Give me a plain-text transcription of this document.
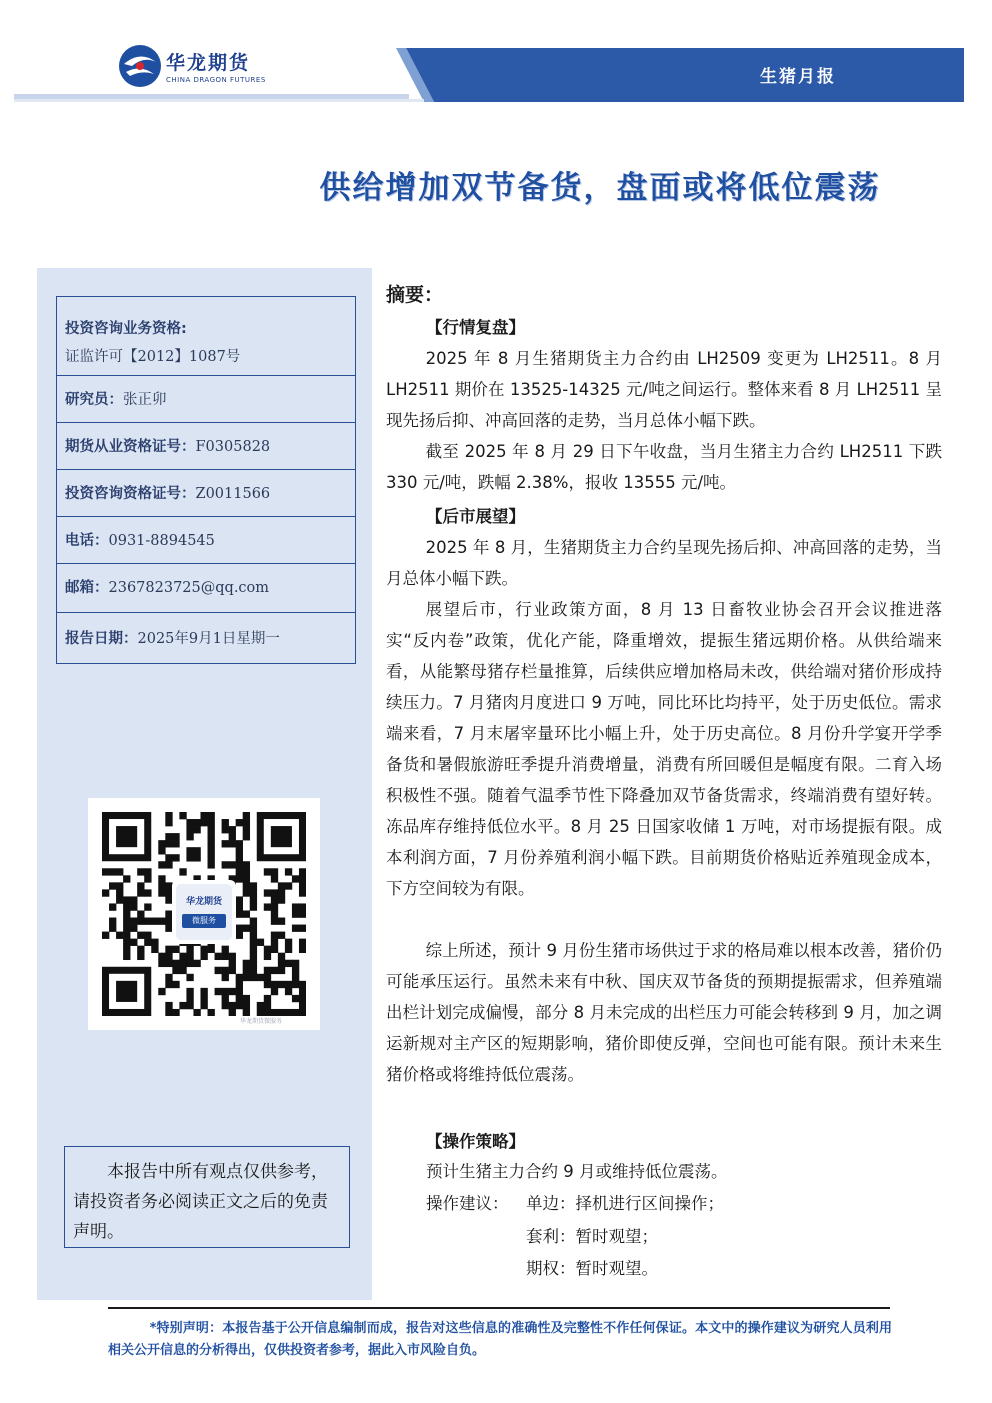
生猪月报
华龙期货
CHINA DRAGON FUTURES
供给增加双节备货，盘面或将低位震荡
投资咨询业务资格:
证监许可【2012】1087号
研究员：张正卯
期货从业资格证号：F0305828
投资咨询资格证号：Z0011566
电话：0931-8894545
邮箱：2367823725@qq.com
报告日期：2025年9月1日星期一
华龙期货
微服务
华龙期货微服务
本报告中所有观点仅供参考，请投资者务必阅读正文之后的免责声明。
摘要：
【行情复盘】
2025 年 8 月生猪期货主力合约由 LH2509 变更为 LH2511。8 月 LH2511 期价在 13525-14325 元/吨之间运行。整体来看 8 月 LH2511 呈现先扬后抑、冲高回落的走势，当月总体小幅下跌。
截至 2025 年 8 月 29 日下午收盘，当月生猪主力合约 LH2511 下跌 330 元/吨，跌幅 2.38%，报收 13555 元/吨。
【后市展望】
2025 年 8 月，生猪期货主力合约呈现先扬后抑、冲高回落的走势，当月总体小幅下跌。
展望后市，行业政策方面，8 月 13 日畜牧业协会召开会议推进落实“反内卷”政策，优化产能，降重增效，提振生猪远期价格。从供给端来看，从能繁母猪存栏量推算，后续供应增加格局未改，供给端对猪价形成持续压力。7 月猪肉月度进口 9 万吨，同比环比均持平，处于历史低位。需求端来看，7 月末屠宰量环比小幅上升，处于历史高位。8 月份升学宴开学季备货和暑假旅游旺季提升消费增量，消费有所回暖但是幅度有限。二育入场积极性不强。随着气温季节性下降叠加双节备货需求，终端消费有望好转。冻品库存维持低位水平。8 月 25 日国家收储 1 万吨，对市场提振有限。成本利润方面，7 月份养殖利润小幅下跌。目前期货价格贴近养殖现金成本，下方空间较为有限。
综上所述，预计 9 月份生猪市场供过于求的格局难以根本改善，猪价仍可能承压运行。虽然未来有中秋、国庆双节备货的预期提振需求，但养殖端出栏计划完成偏慢，部分 8 月未完成的出栏压力可能会转移到 9 月，加之调运新规对主产区的短期影响，猪价即使反弹，空间也可能有限。预计未来生猪价格或将维持低位震荡。
【操作策略】
预计生猪主力合约 9 月或维持低位震荡。
操作建议： 单边：择机进行区间操作；
套利：暂时观望；
期权：暂时观望。
*特别声明：本报告基于公开信息编制而成，报告对这些信息的准确性及完整性不作任何保证。本文中的操作建议为研究人员利用相关公开信息的分析得出，仅供投资者参考，据此入市风险自负。
